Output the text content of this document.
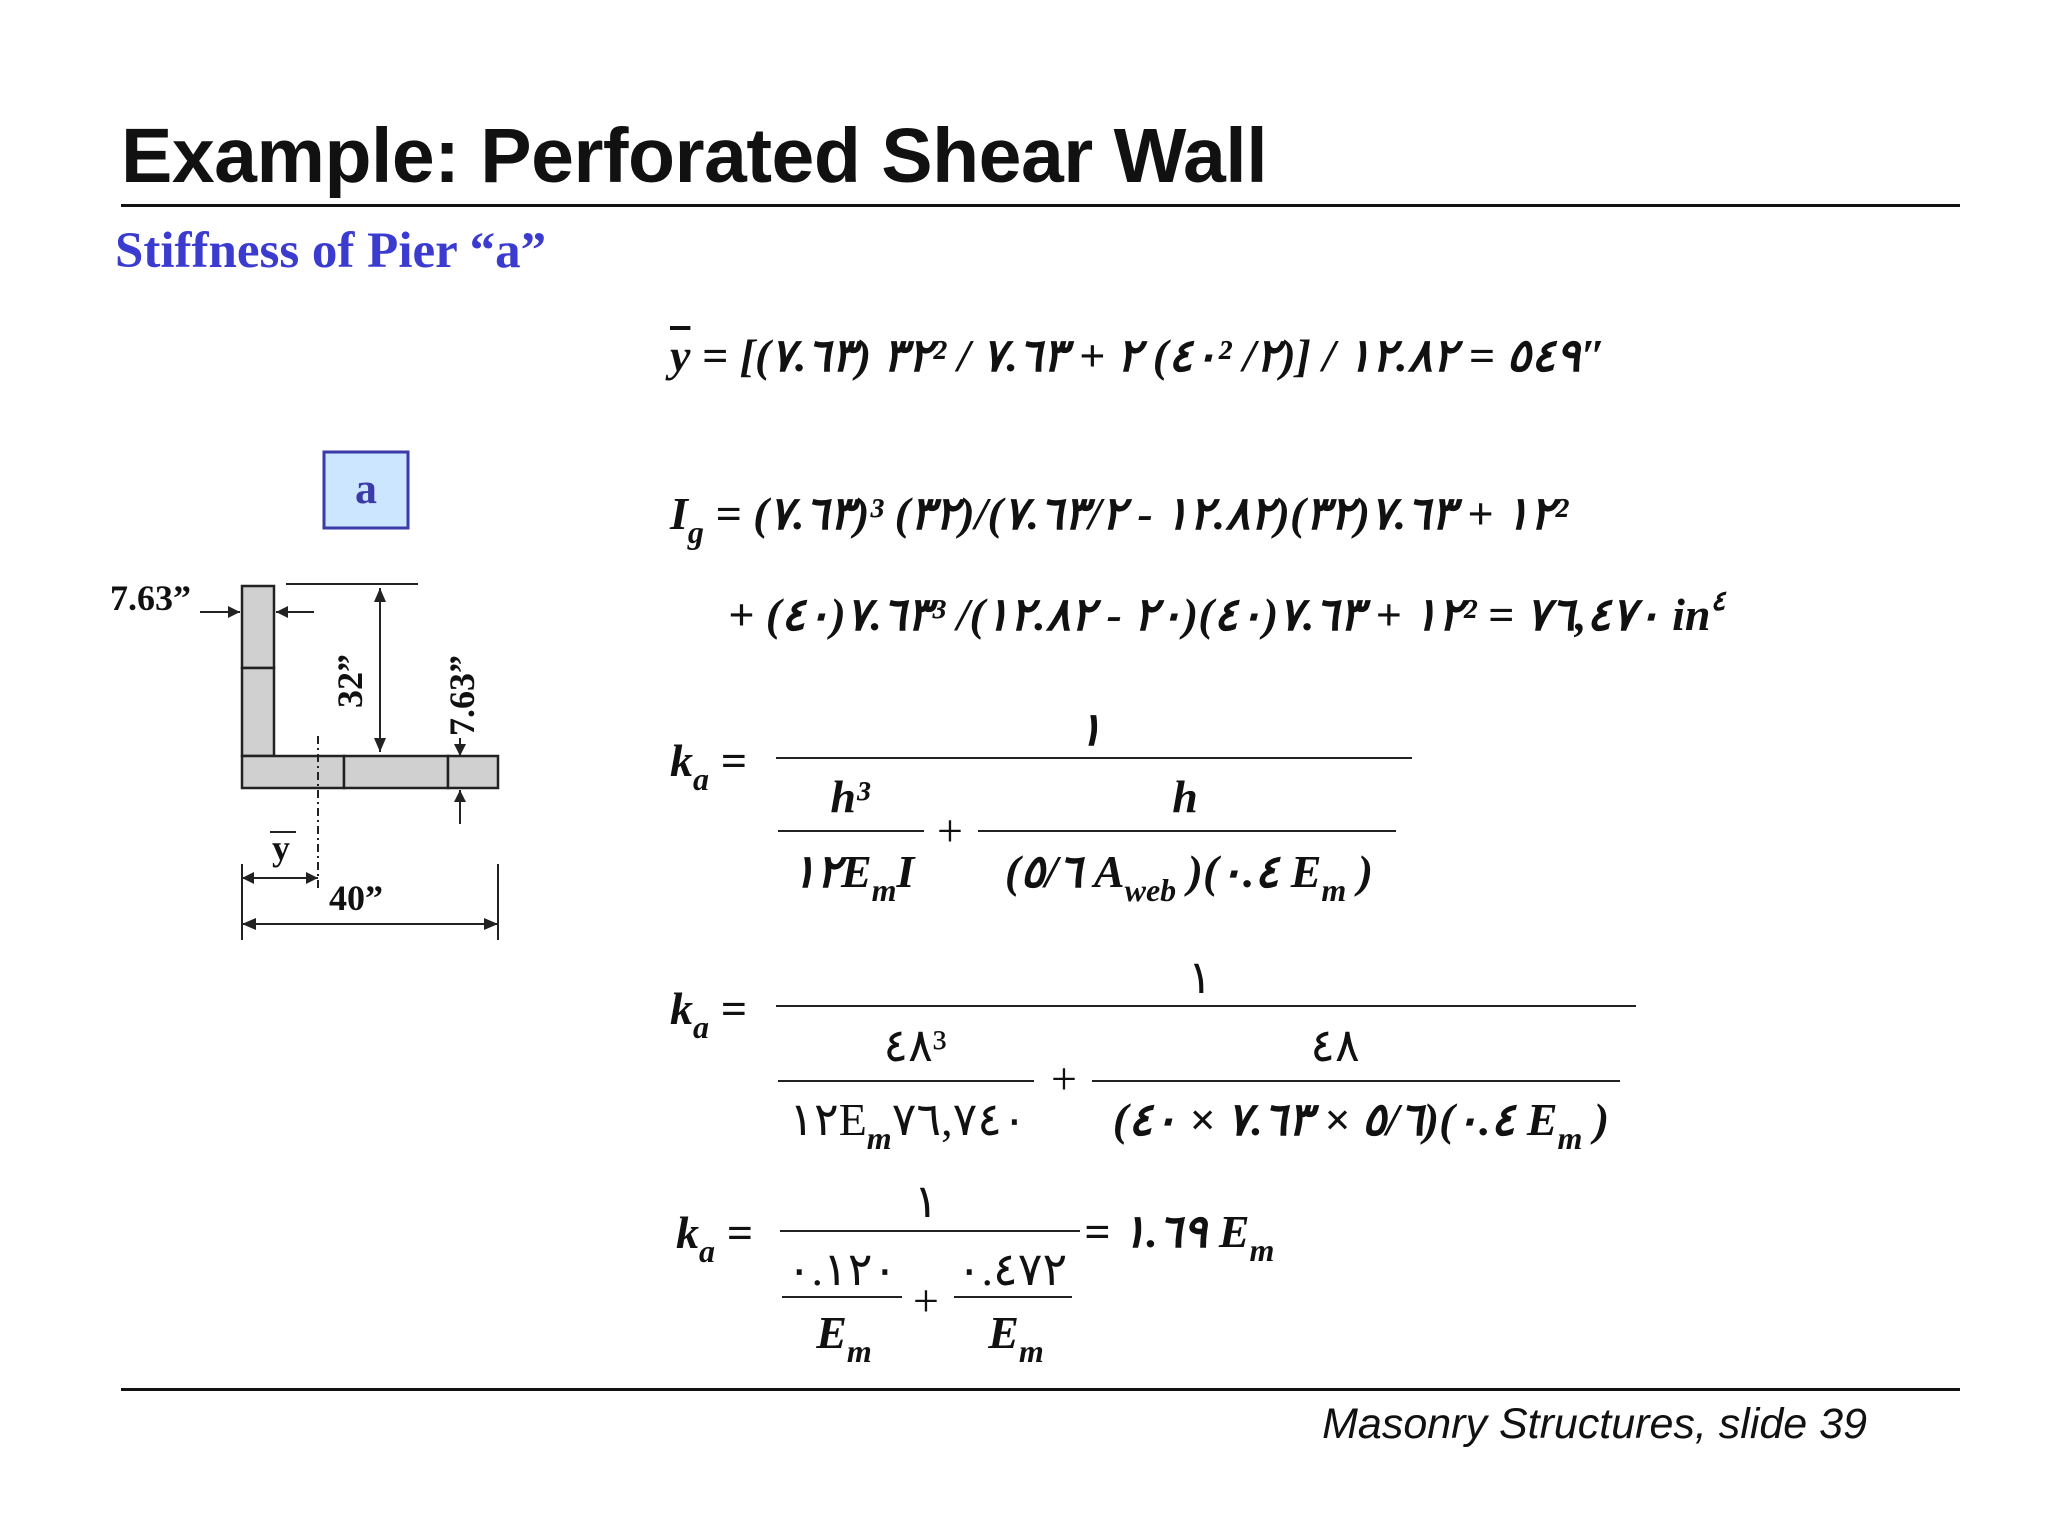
Example: Perforated Shear Wall
Stiffness of Pier “a”
Masonry Structures, slide 39
a
7.63”
32” 7.63”
y
40”
$\overline{y}$ = [٣٢ (٧.٦٣)² / ٢ + ٧.٦٣ (٤٠² /٢)] / ٥٤٩ = ١٢.٨٢″
$I_g$ = (٧.٦٣)³ (٣٢)/١٢ + ٧.٦٣(٣٢)(١٢.٨٢ - ٧.٦٣/٢)²
+ ٧.٦٣(٤٠)³ /١٢ + ٧.٦٣(٤٠)(٢٠ - ١٢.٨٢)² = ٧٦,٤٧٠ $in^٤$
$k_a$ =
١
h³
$١٢E_mI$
+
h
(٥/٦ $A_{web}$ )(٠.٤ $E_m$ )
$k_a$ =
١
٤٨³
$١٢E_m٧٦,٧٤٠$
+
٤٨
(٥/٦ × ٧.٦٣ × ٤٠)(٠.٤ $E_m$ )
$k_a$ =
١
٠.١٢٠
$E_m$
+
٠.٤٧٢
$E_m$
= ١.٦٩ $E_m$
